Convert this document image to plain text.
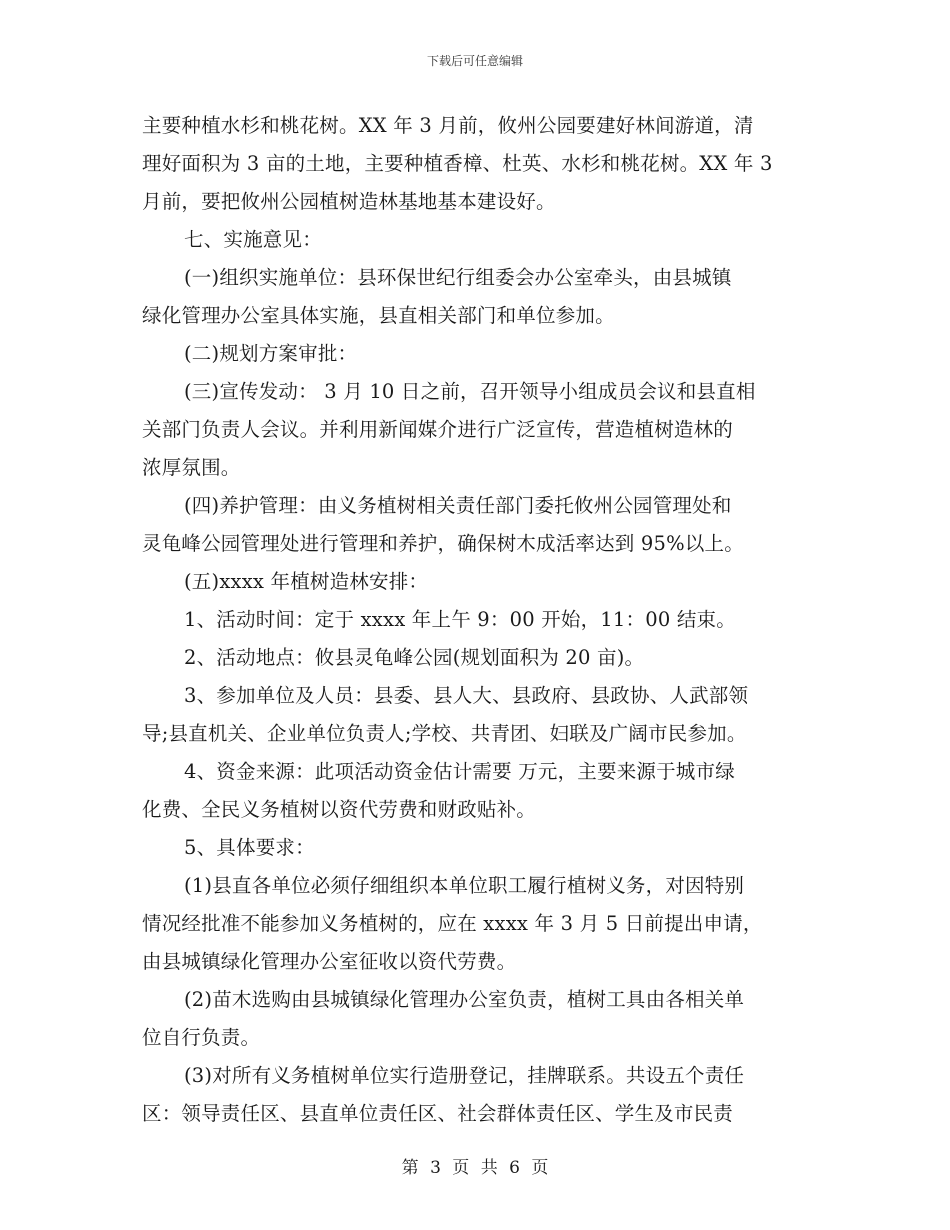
下载后可任意编辑
主要种植水杉和桃花树。XX 年 3 月前，攸州公园要建好林间游道，清
理好面积为 3 亩的土地，主要种植香樟、杜英、水杉和桃花树。XX 年 3
月前，要把攸州公园植树造林基地基本建设好。
七、实施意见：
(一)组织实施单位：县环保世纪行组委会办公室牵头，由县城镇
绿化管理办公室具体实施，县直相关部门和单位参加。
(二)规划方案审批：
(三)宣传发动： 3 月 10 日之前，召开领导小组成员会议和县直相
关部门负责人会议。并利用新闻媒介进行广泛宣传，营造植树造林的
浓厚氛围。
(四)养护管理：由义务植树相关责任部门委托攸州公园管理处和
灵龟峰公园管理处进行管理和养护，确保树木成活率达到 95%以上。
(五)xxxx 年植树造林安排：
1、活动时间：定于 xxxx 年上午 9：00 开始，11：00 结束。
2、活动地点：攸县灵龟峰公园(规划面积为 20 亩)。
3、参加单位及人员：县委、县人大、县政府、县政协、人武部领
导;县直机关、企业单位负责人;学校、共青团、妇联及广阔市民参加。
4、资金来源：此项活动资金估计需要 万元，主要来源于城市绿
化费、全民义务植树以资代劳费和财政贴补。
5、具体要求：
(1)县直各单位必须仔细组织本单位职工履行植树义务，对因特别
情况经批准不能参加义务植树的，应在 xxxx 年 3 月 5 日前提出申请，
由县城镇绿化管理办公室征收以资代劳费。
(2)苗木选购由县城镇绿化管理办公室负责，植树工具由各相关单
位自行负责。
(3)对所有义务植树单位实行造册登记，挂牌联系。共设五个责任
区：领导责任区、县直单位责任区、社会群体责任区、学生及市民责
第 3 页 共 6 页
